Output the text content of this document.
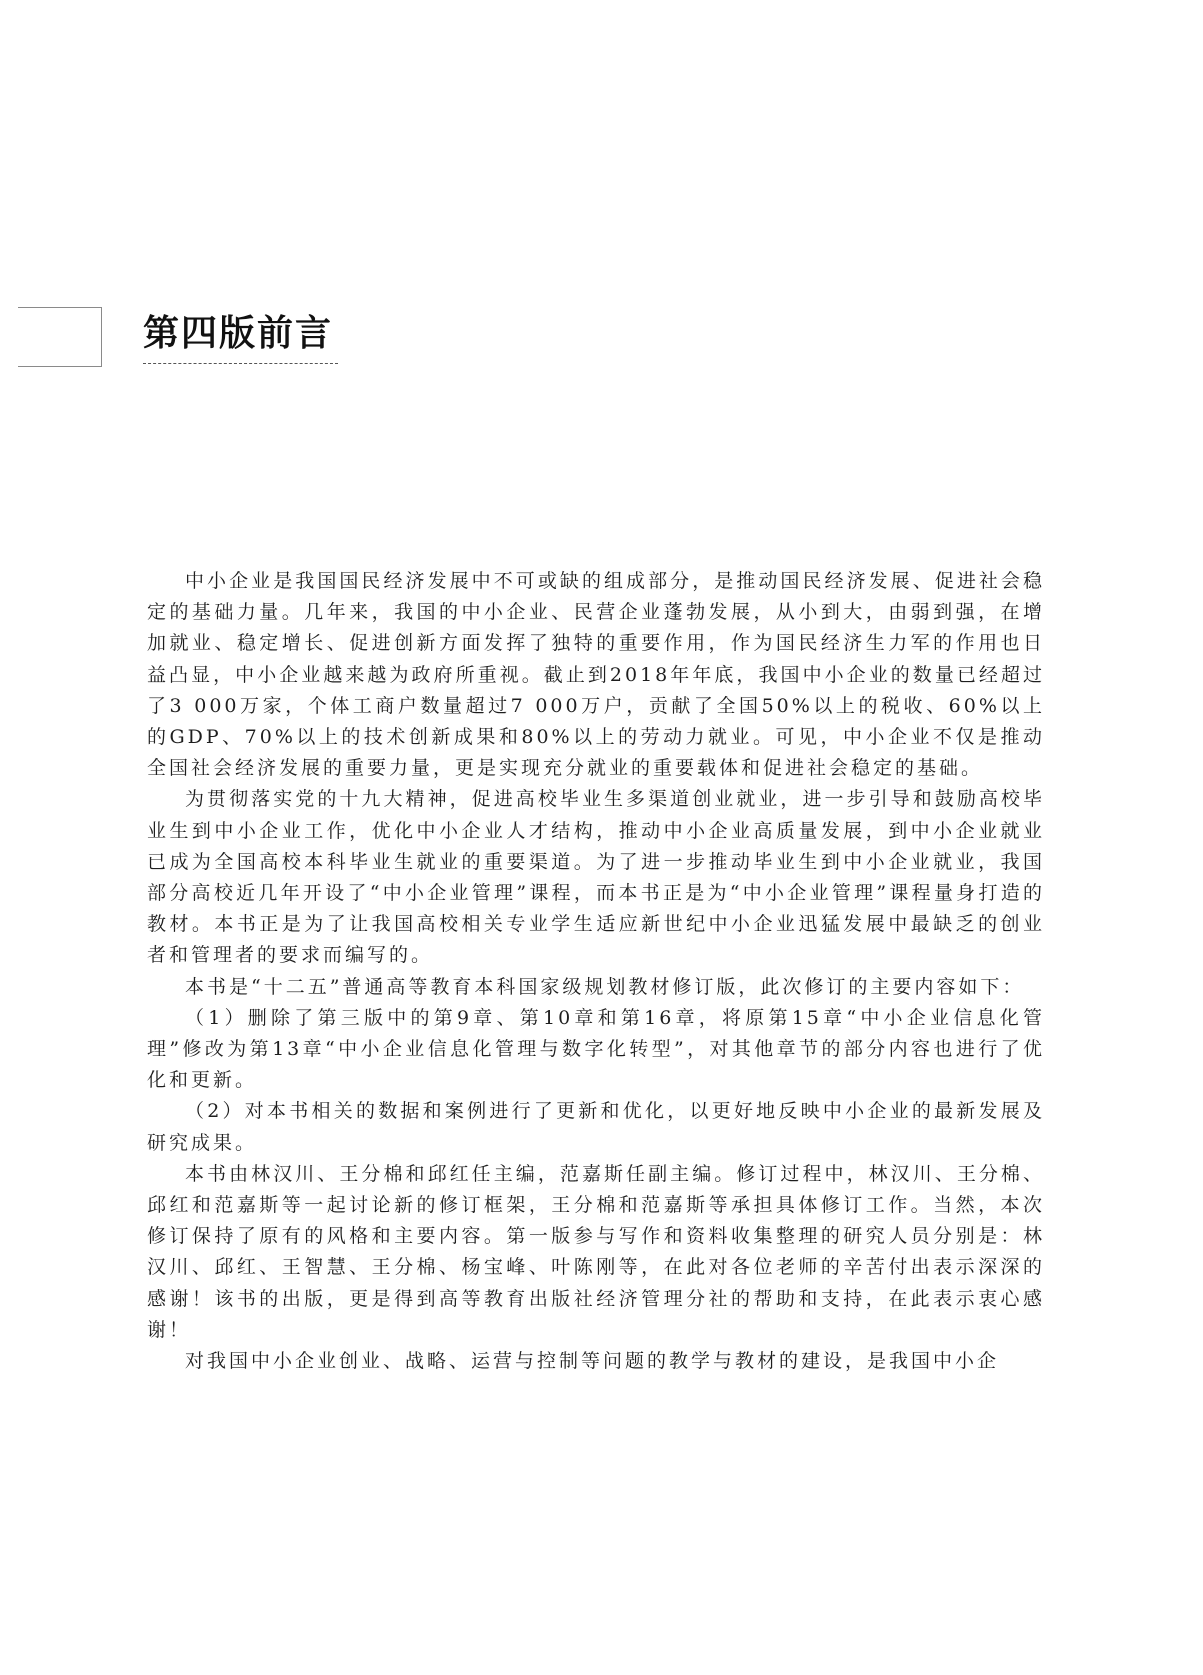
第四版前言

中小企业是我国国民经济发展中不可或缺的组成部分，是推动国民经济发展、促进社会稳定的基础力量。几年来，我国的中小企业、民营企业蓬勃发展，从小到大，由弱到强，在增加就业、稳定增长、促进创新方面发挥了独特的重要作用，作为国民经济生力军的作用也日益凸显，中小企业越来越为政府所重视。截止到2018年年底，我国中小企业的数量已经超过了3 000万家，个体工商户数量超过7 000万户，贡献了全国50%以上的税收、60%以上的GDP、70%以上的技术创新成果和80%以上的劳动力就业。可见，中小企业不仅是推动全国社会经济发展的重要力量，更是实现充分就业的重要载体和促进社会稳定的基础。

为贯彻落实党的十九大精神，促进高校毕业生多渠道创业就业，进一步引导和鼓励高校毕业生到中小企业工作，优化中小企业人才结构，推动中小企业高质量发展，到中小企业就业已成为全国高校本科毕业生就业的重要渠道。为了进一步推动毕业生到中小企业就业，我国部分高校近几年开设了“中小企业管理”课程，而本书正是为“中小企业管理”课程量身打造的教材。本书正是为了让我国高校相关专业学生适应新世纪中小企业迅猛发展中最缺乏的创业者和管理者的要求而编写的。

本书是“十二五”普通高等教育本科国家级规划教材修订版，此次修订的主要内容如下：

（1）删除了第三版中的第9章、第10章和第16章，将原第15章“中小企业信息化管理”修改为第13章“中小企业信息化管理与数字化转型”，对其他章节的部分内容也进行了优化和更新。

（2）对本书相关的数据和案例进行了更新和优化，以更好地反映中小企业的最新发展及研究成果。

本书由林汉川、王分棉和邱红任主编，范嘉斯任副主编。修订过程中，林汉川、王分棉、邱红和范嘉斯等一起讨论新的修订框架，王分棉和范嘉斯等承担具体修订工作。当然，本次修订保持了原有的风格和主要内容。第一版参与写作和资料收集整理的研究人员分别是：林汉川、邱红、王智慧、王分棉、杨宝峰、叶陈刚等，在此对各位老师的辛苦付出表示深深的感谢！该书的出版，更是得到高等教育出版社经济管理分社的帮助和支持，在此表示衷心感谢！

对我国中小企业创业、战略、运营与控制等问题的教学与教材的建设，是我国中小企
